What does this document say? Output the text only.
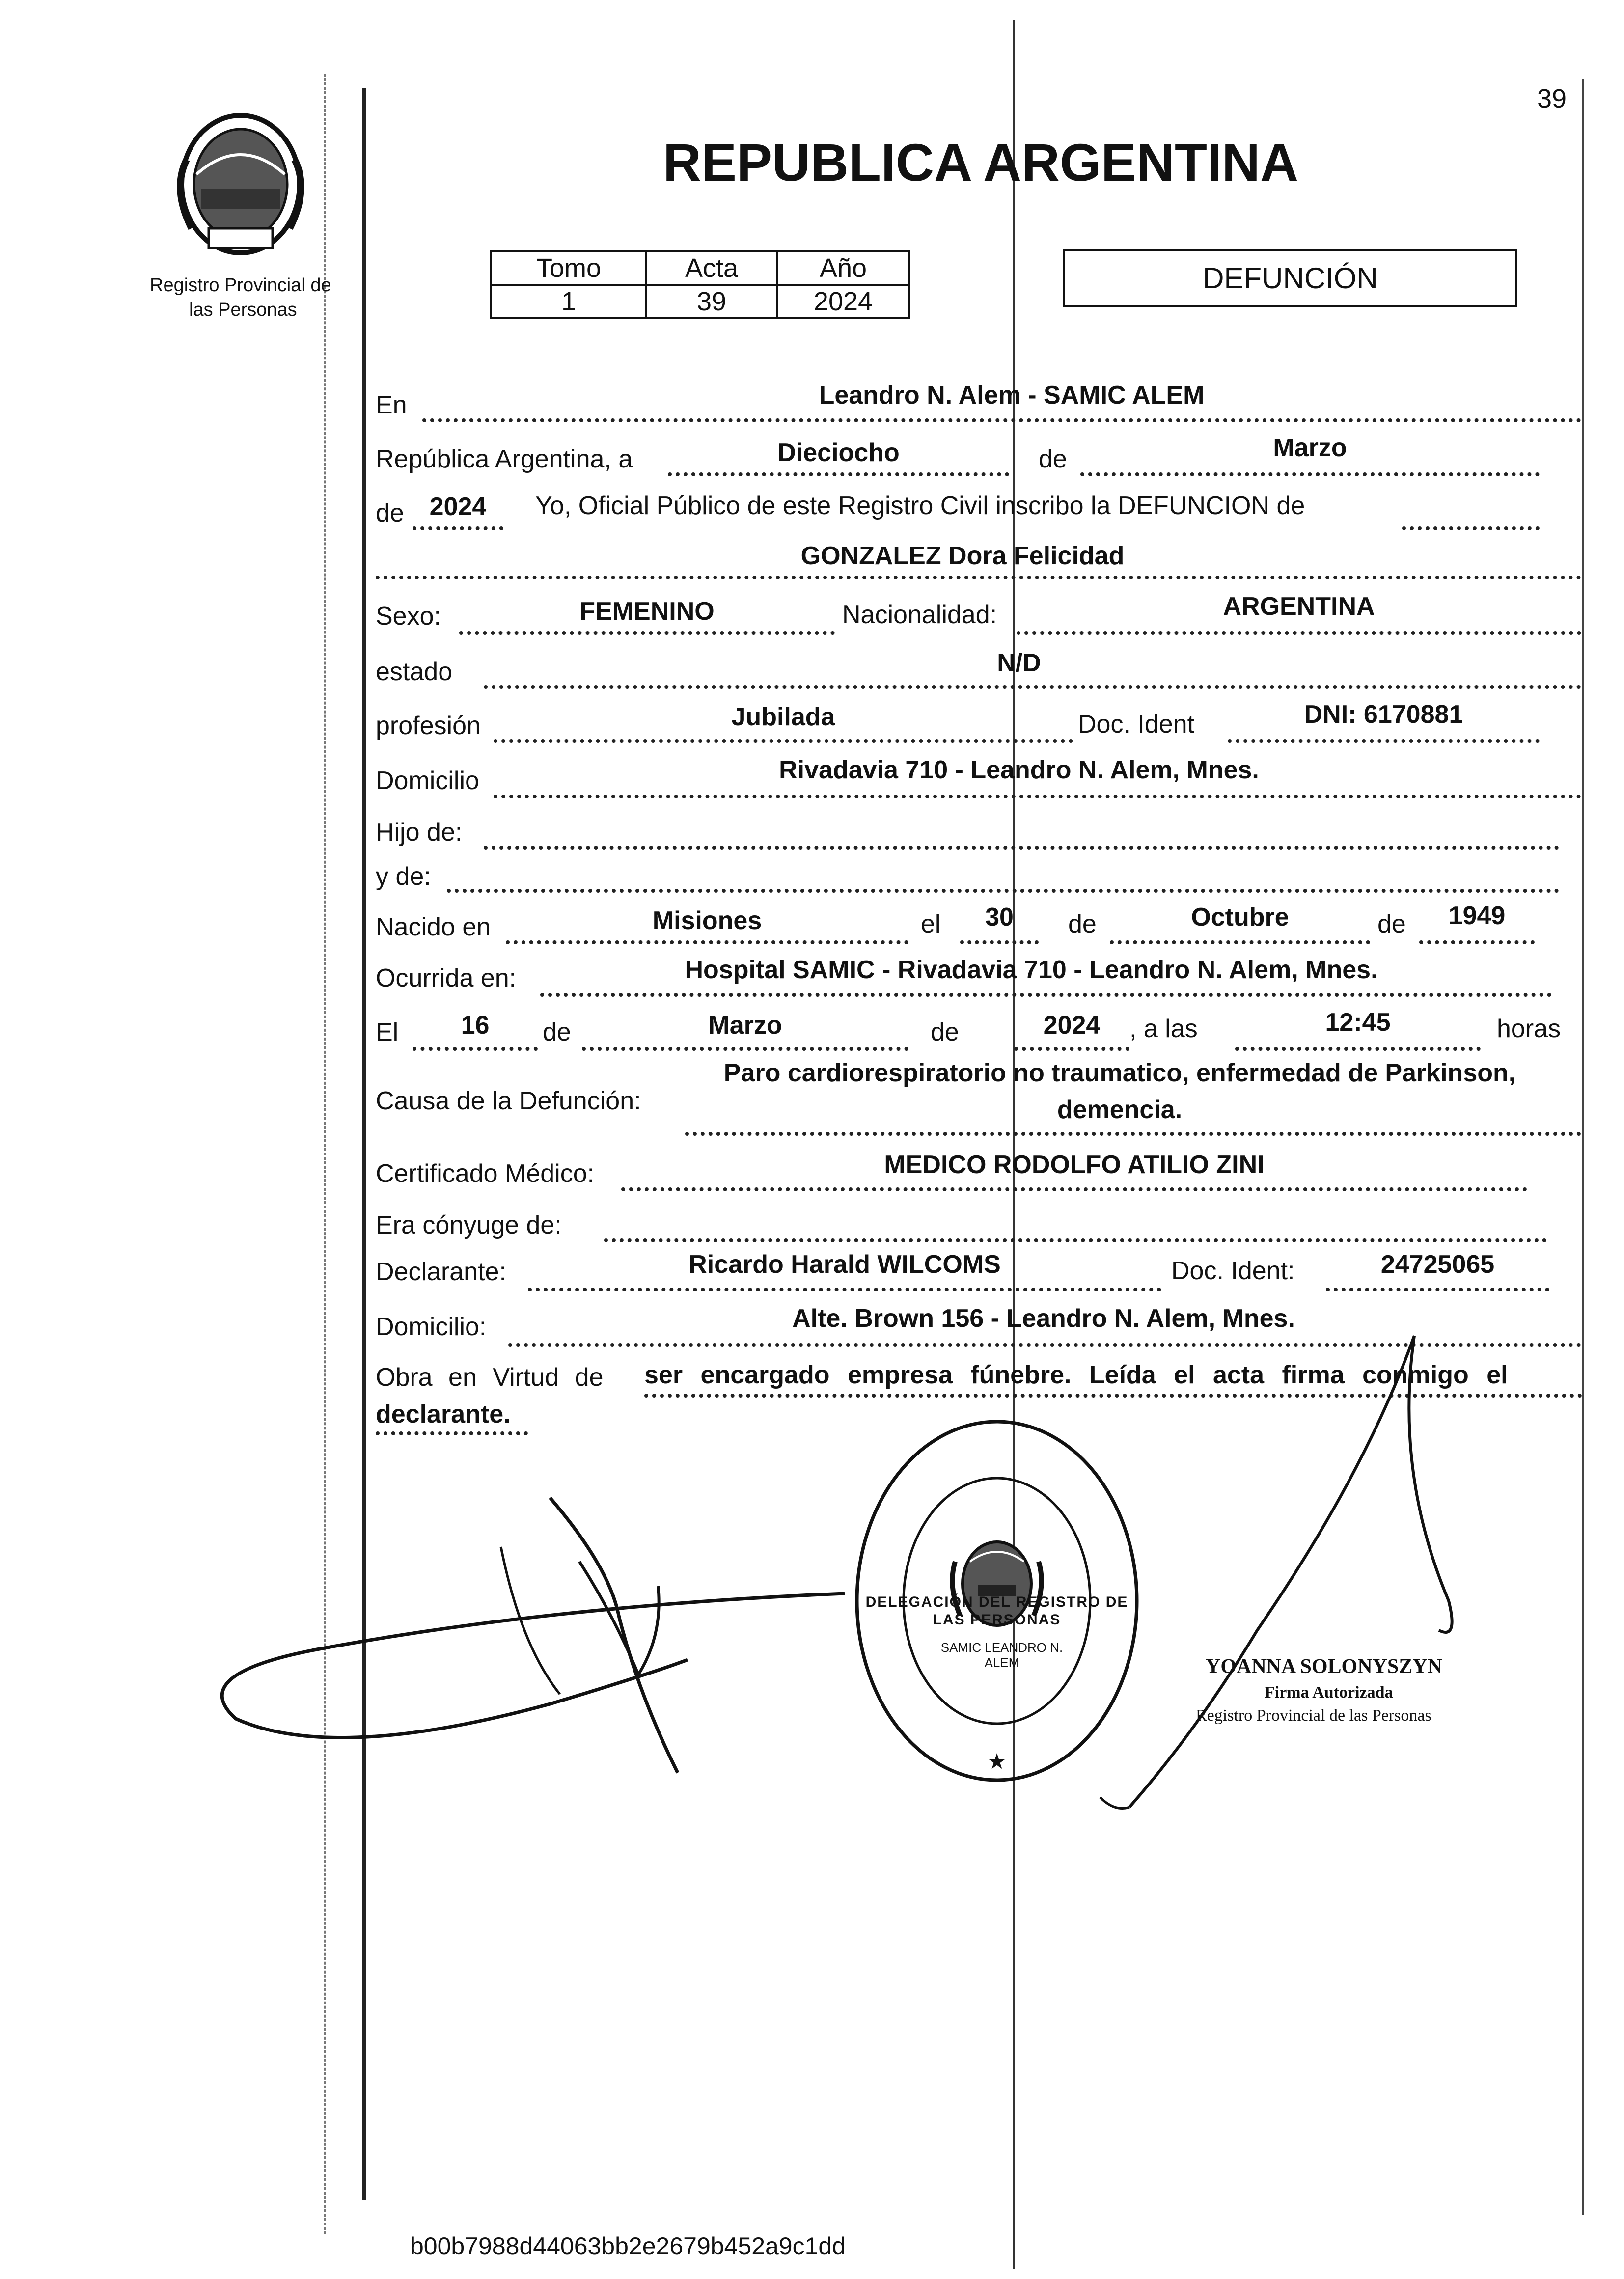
39
Registro Provincial de
las Personas
REPUBLICA ARGENTINA
Tomo	Acta	Año
1	39	2024
DEFUNCIÓN
En	Leandro N. Alem - SAMIC ALEM
República Argentina, a	Dieciocho	de	Marzo
de 2024	Yo, Oficial Público de este Registro Civil inscribo la DEFUNCION de
GONZALEZ Dora Felicidad
Sexo:	FEMENINO	Nacionalidad:	ARGENTINA
estado	N/D
profesión	Jubilada	Doc. Ident	DNI: 6170881
Domicilio	Rivadavia 710 - Leandro N. Alem, Mnes.
Hijo de:
y de:
Nacido en	Misiones	el	30	de	Octubre	de	1949
Ocurrida en:	Hospital SAMIC - Rivadavia 710 - Leandro N. Alem, Mnes.
El	16	de	Marzo	de	2024	, a las	12:45	horas
Causa de la Defunción:
Paro cardiorespiratorio no traumatico, enfermedad de Parkinson,
demencia.
Certificado Médico:	MEDICO RODOLFO ATILIO ZINI
Era cónyuge de:
Declarante:	Ricardo Harald WILCOMS	Doc. Ident:	24725065
Domicilio:	Alte. Brown 156 - Leandro N. Alem, Mnes.
Obra en Virtud de ser encargado empresa fúnebre. Leída el acta firma conmigo el
declarante.
★
DELEGACIÓN DEL REGISTRO DE LAS PERSONAS
SAMIC LEANDRO N. ALEM	YOANNA SOLONYSZYN
Firma Autorizada
Registro Provincial de las Personas
b00b7988d44063bb2e2679b452a9c1dd
